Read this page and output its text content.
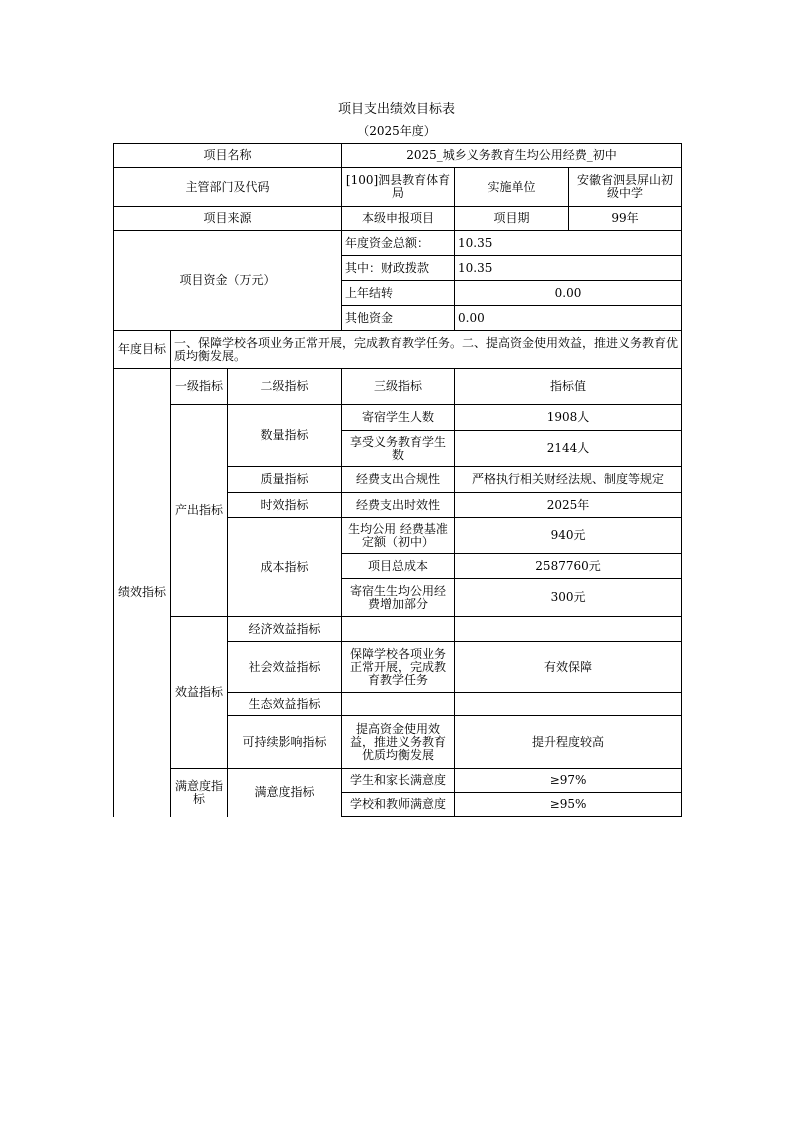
项目支出绩效目标表
（2025年度）
项目名称			2025_城乡义务教育生均公用经费_初中		
主管部门及代码			[100]泗县教育体育局	实施单位	安徽省泗县屏山初级中学
项目来源			本级申报项目	项目期	99年
项目资金（万元）			年度资金总额：	10.35	
			其中：财政拨款	10.35	
			上年结转	0.00	
			其他资金	0.00	
年度目标	一、保障学校各项业务正常开展，完成教育教学任务。二、提高资金使用效益，推进义务教育优质均衡发展。				
绩效指标	一级指标	二级指标	三级指标	指标值	
	产出指标	数量指标	寄宿学生人数	1908人	
			享受义务教育学生数	2144人	
		质量指标	经费支出合规性	严格执行相关财经法规、制度等规定	
		时效指标	经费支出时效性	2025年	
		成本指标	生均公用 经费基准定额（初中）	940元	
			项目总成本	2587760元	
			寄宿生生均公用经费增加部分	300元	
	效益指标	经济效益指标			
		社会效益指标	保障学校各项业务正常开展，完成教育教学任务	有效保障	
		生态效益指标			
		可持续影响指标	提高资金使用效益，推进义务教育优质均衡发展	提升程度较高	
	满意度指标	满意度指标	学生和家长满意度	≥97%	
			学校和教师满意度	≥95%	
